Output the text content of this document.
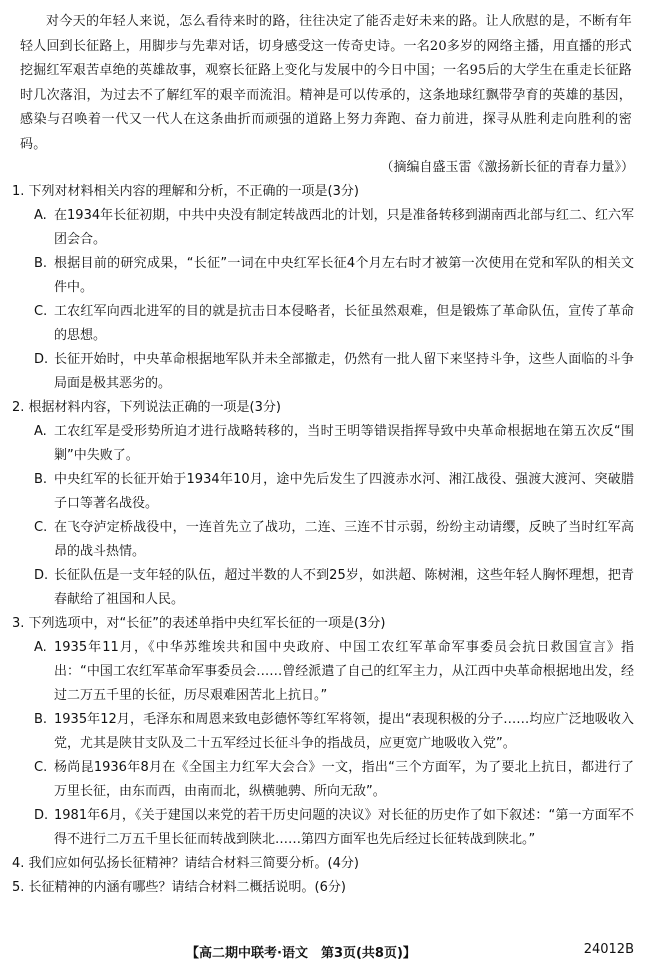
对今天的年轻人来说，怎么看待来时的路，往往决定了能否走好未来的路。让人欣慰的是，不断有年轻人回到长征路上，用脚步与先辈对话，切身感受这一传奇史诗。一名20多岁的网络主播，用直播的形式挖掘红军艰苦卓绝的英雄故事，观察长征路上变化与发展中的今日中国；一名95后的大学生在重走长征路时几次落泪，为过去不了解红军的艰辛而流泪。精神是可以传承的，这条地球红飘带孕育的英雄的基因，感染与召唤着一代又一代人在这条曲折而顽强的道路上努力奔跑、奋力前进，探寻从胜利走向胜利的密码。

（摘编自盛玉雷《激扬新长征的青春力量》）

1. 下列对材料相关内容的理解和分析，不正确的一项是(3分)

A. 在1934年长征初期，中共中央没有制定转战西北的计划，只是准备转移到湖南西北部与红二、红六军团会合。
B. 根据目前的研究成果，“长征”一词在中央红军长征4个月左右时才被第一次使用在党和军队的相关文件中。
C. 工农红军向西北进军的目的就是抗击日本侵略者，长征虽然艰难，但是锻炼了革命队伍，宣传了革命的思想。
D. 长征开始时，中央革命根据地军队并未全部撤走，仍然有一批人留下来坚持斗争，这些人面临的斗争局面是极其恶劣的。

2. 根据材料内容，下列说法正确的一项是(3分)

A. 工农红军是受形势所迫才进行战略转移的，当时王明等错误指挥导致中央革命根据地在第五次反“围剿”中失败了。
B. 中央红军的长征开始于1934年10月，途中先后发生了四渡赤水河、湘江战役、强渡大渡河、突破腊子口等著名战役。
C. 在飞夺泸定桥战役中，一连首先立了战功，二连、三连不甘示弱，纷纷主动请缨，反映了当时红军高昂的战斗热情。
D. 长征队伍是一支年轻的队伍，超过半数的人不到25岁，如洪超、陈树湘，这些年轻人胸怀理想，把青春献给了祖国和人民。

3. 下列选项中，对“长征”的表述单指中央红军长征的一项是(3分)

A. 1935年11月，《中华苏维埃共和国中央政府、中国工农红军革命军事委员会抗日救国宣言》指出：“中国工农红军革命军事委员会……曾经派遣了自己的红军主力，从江西中央革命根据地出发，经过二万五千里的长征，历尽艰难困苦北上抗日。”
B. 1935年12月，毛泽东和周恩来致电彭德怀等红军将领，提出“表现积极的分子……均应广泛地吸收入党，尤其是陕甘支队及二十五军经过长征斗争的指战员，应更宽广地吸收入党”。
C. 杨尚昆1936年8月在《全国主力红军大会合》一文，指出“三个方面军，为了要北上抗日，都进行了万里长征，由东而西，由南而北，纵横驰骋、所向无敌”。
D. 1981年6月，《关于建国以来党的若干历史问题的决议》对长征的历史作了如下叙述：“第一方面军不得不进行二万五千里长征而转战到陕北……第四方面军也先后经过长征转战到陕北。”

4. 我们应如何弘扬长征精神？请结合材料三简要分析。(4分)

5. 长征精神的内涵有哪些？请结合材料二概括说明。(6分)

【高二期中联考·语文　第3页(共8页)】	24012B
